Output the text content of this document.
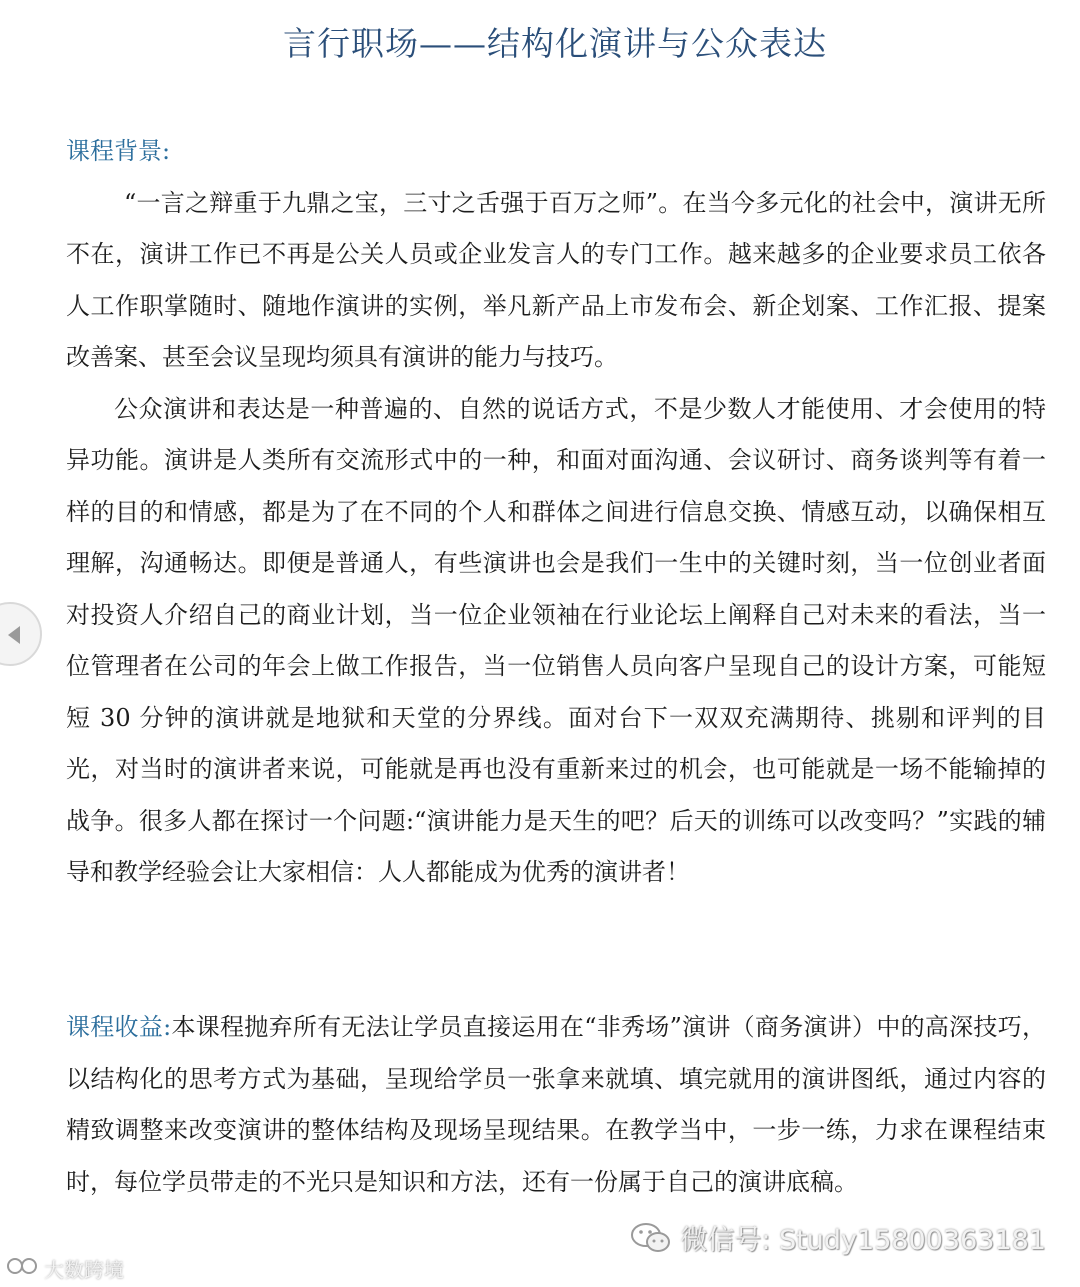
言行职场——结构化演讲与公众表达

课程背景:

“一言之辩重于九鼎之宝，三寸之舌强于百万之师”。在当今多元化的社会中，演讲无所不在，演讲工作已不再是公关人员或企业发言人的专门工作。越来越多的企业要求员工依各人工作职掌随时、随地作演讲的实例，举凡新产品上市发布会、新企划案、工作汇报、提案改善案、甚至会议呈现均须具有演讲的能力与技巧。

公众演讲和表达是一种普遍的、自然的说话方式，不是少数人才能使用、才会使用的特异功能。演讲是人类所有交流形式中的一种，和面对面沟通、会议研讨、商务谈判等有着一样的目的和情感，都是为了在不同的个人和群体之间进行信息交换、情感互动，以确保相互理解，沟通畅达。即便是普通人，有些演讲也会是我们一生中的关键时刻，当一位创业者面对投资人介绍自己的商业计划，当一位企业领袖在行业论坛上阐释自己对未来的看法，当一位管理者在公司的年会上做工作报告，当一位销售人员向客户呈现自己的设计方案，可能短短 30 分钟的演讲就是地狱和天堂的分界线。面对台下一双双充满期待、挑剔和评判的目光，对当时的演讲者来说，可能就是再也没有重新来过的机会，也可能就是一场不能输掉的战争。很多人都在探讨一个问题:“演讲能力是天生的吧？后天的训练可以改变吗？”实践的辅导和教学经验会让大家相信：人人都能成为优秀的演讲者！

课程收益:本课程抛弃所有无法让学员直接运用在“非秀场”演讲（商务演讲）中的高深技巧，以结构化的思考方式为基础，呈现给学员一张拿来就填、填完就用的演讲图纸，通过内容的精致调整来改变演讲的整体结构及现场呈现结果。在教学当中，一步一练，力求在课程结束时，每位学员带走的不光只是知识和方法，还有一份属于自己的演讲底稿。

微信号: Study15800363181
大数跨境
